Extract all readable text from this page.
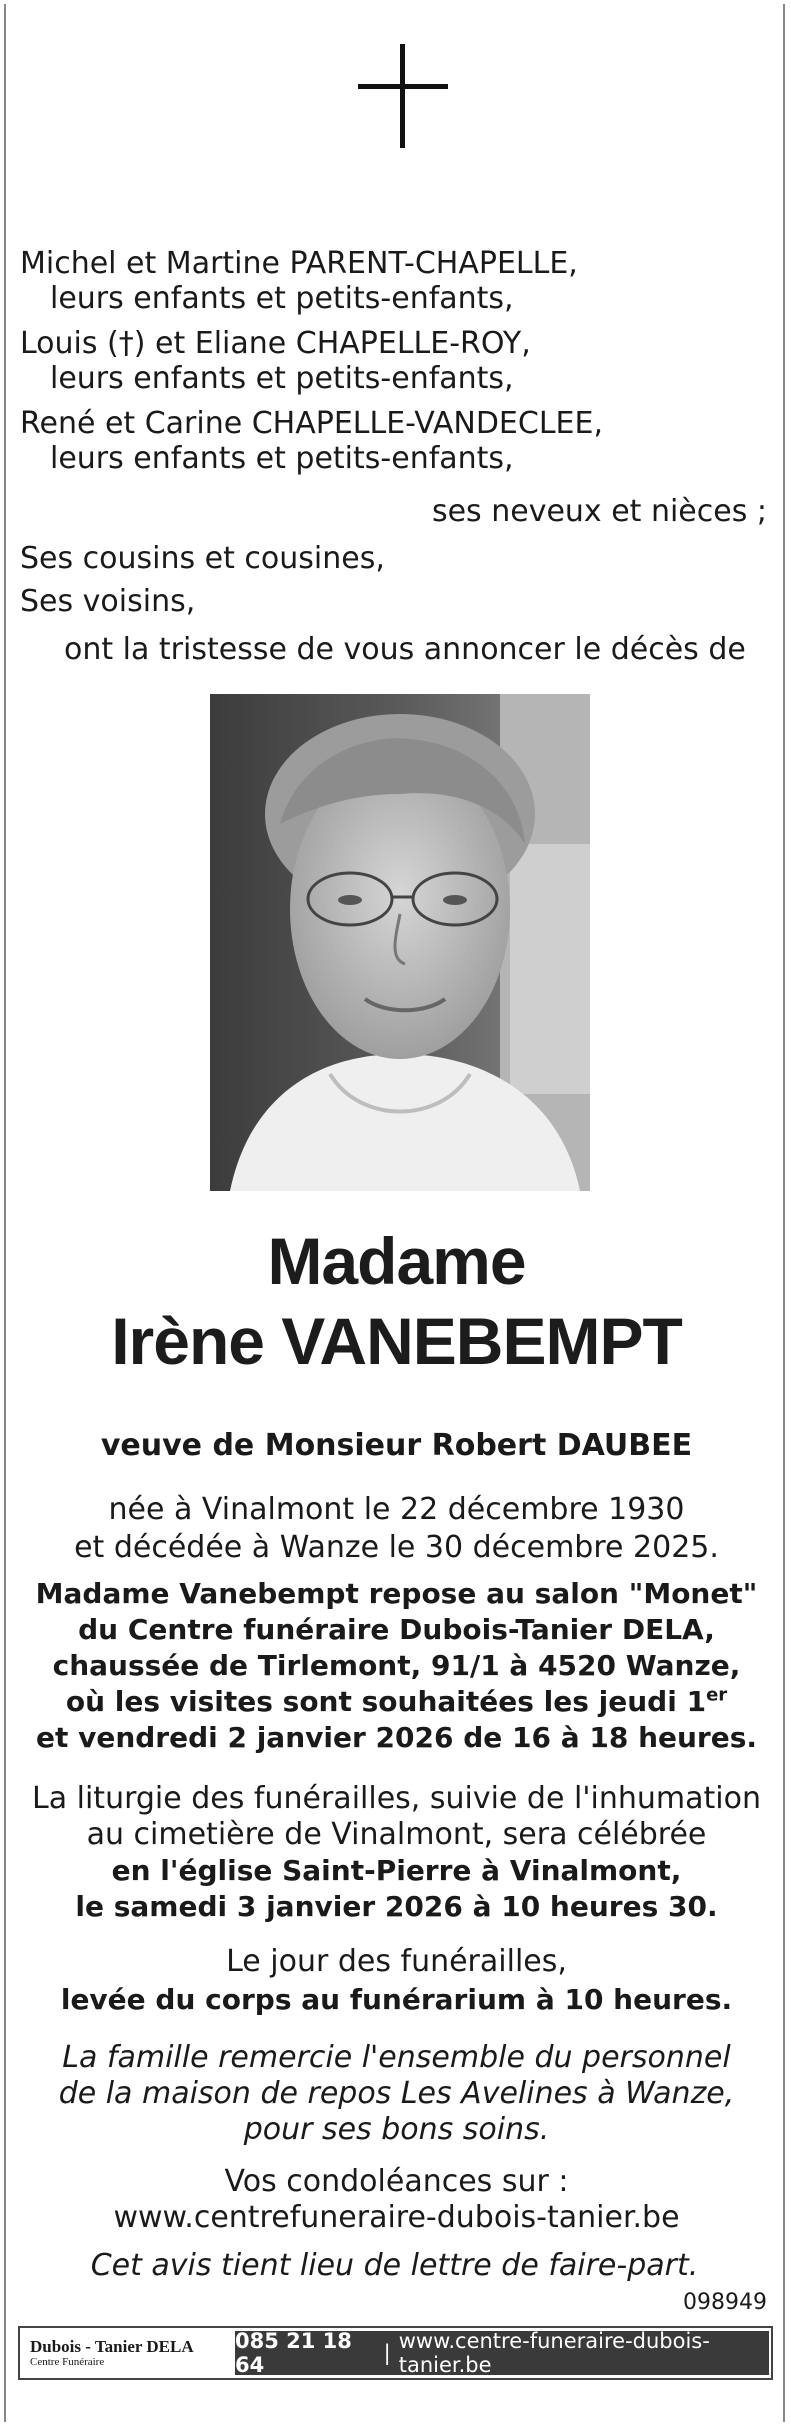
Michel et Martine PARENT-CHAPELLE,
leurs enfants et petits-enfants,
Louis (†) et Eliane CHAPELLE-ROY,
leurs enfants et petits-enfants,
René et Carine CHAPELLE-VANDECLEE,
leurs enfants et petits-enfants,
ses neveux et nièces ;
Ses cousins et cousines,
Ses voisins,
ont la tristesse de vous annoncer le décès de
Madame
Irène VANEBEMPT
veuve de Monsieur Robert DAUBEE
née à Vinalmont le 22 décembre 1930
et décédée à Wanze le 30 décembre 2025.
Madame Vanebempt repose au salon "Monet"
du Centre funéraire Dubois-Tanier DELA,
chaussée de Tirlemont, 91/1 à 4520 Wanze,
où les visites sont souhaitées les jeudi 1er
et vendredi 2 janvier 2026 de 16 à 18 heures.
La liturgie des funérailles, suivie de l'inhumation
au cimetière de Vinalmont, sera célébrée
en l'église Saint-Pierre à Vinalmont,
le samedi 3 janvier 2026 à 10 heures 30.
Le jour des funérailles,
levée du corps au funérarium à 10 heures.
La famille remercie l'ensemble du personnel
de la maison de repos Les Avelines à Wanze,
pour ses bons soins.
Vos condoléances sur :
www.centrefuneraire-dubois-tanier.be
Cet avis tient lieu de lettre de faire-part.
098949
Dubois - Tanier DELA
Centre Funéraire
085 21 18 64	| www.centre-funeraire-dubois-tanier.be
